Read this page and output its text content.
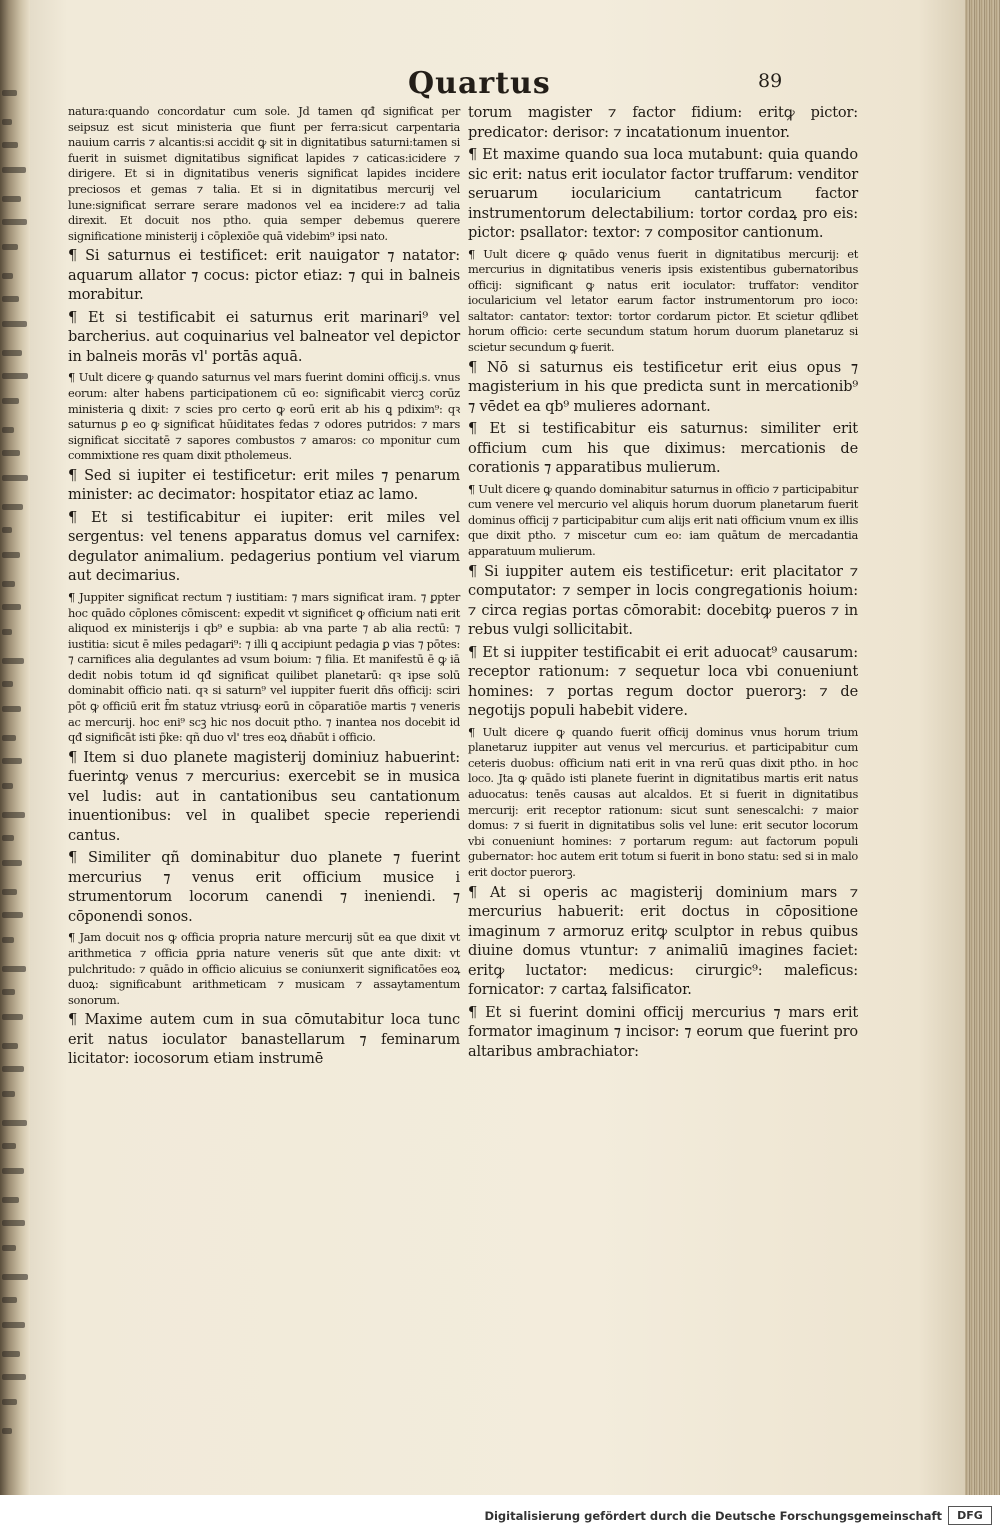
Quartus	89

natura:quando concordatur cum sole. Jd tamen qđ significat per seipsuz est sicut ministeria que fiunt per ferra:sicut carpentaria nauium carris ⁊ alcantis:si accidit ꝙ sit in dignitatibus saturni:tamen si fuerit in suismet dignitatibus significat lapides ⁊ caticas:icidere ⁊ dirigere. Et si in dignitatibus veneris significat lapides incidere preciosos et gemas ⁊ talia. Et si in dignitatibus mercurij vel lune:significat serrare serare madonos vel ea incidere:⁊ ad talia direxit. Et docuit nos ptho. quia semper debemus querere significatione ministerij i cōplexiōe quā videbim⁹ ipsi nato.

¶ Si saturnus ei testificet: erit nauigator ⁊ natator: aquarum allator ⁊ cocus: pictor etiaz: ⁊ qui in balneis morabitur.

¶ Et si testificabit ei saturnus erit marinari⁹ vel barcherius. aut coquinarius vel balneator vel depictor in balneis morās vl' portās aquā.

¶ Uult dicere ꝙ quando saturnus vel mars fuerint domini officij.s. vnus eorum: alter habens participationem cū eo: significabit viercꝫ corūz ministeria ꝗ dixit: ⁊ scies pro certo ꝙ eorū erit ab his ꝗ pdixim⁹: qꝛ saturnus ꝑ eo ꝙ significat hūiditates fedas ⁊ odores putridos: ⁊ mars significat siccitatē ⁊ sapores combustos ⁊ amaros: co mponitur cum commixtione res quam dixit ptholemeus.

¶ Sed si iupiter ei testificetur: erit miles ⁊ penarum minister: ac decimator: hospitator etiaz ac lamo.

¶ Et si testificabitur ei iupiter: erit miles vel sergentus: vel tenens apparatus domus vel carnifex: degulator animalium. pedagerius pontium vel viarum aut decimarius.

¶ Juppiter significat rectum ⁊ iustitiam: ⁊ mars significat iram. ⁊ ꝑpter hoc quādo cōplones cōmiscent: expedit vt significet ꝙ officium nati erit aliquod ex ministerijs i qb⁹ e supbia: ab vna parte ⁊ ab alia rectū: ⁊ iustitia: sicut ē miles pedagari⁹: ⁊ illi ꝗ accipiunt pedagia ꝑ vias ⁊ pōtes: ⁊ carnifices alia degulantes ad vsum boium: ⁊ filia. Et manifestū ē ꝙ iā dedit nobis totum id qđ significat quilibet planetarū: qꝛ ipse solū dominabit officio nati. qꝛ si saturn⁹ vel iuppiter fuerit dn̄s officij: sciri pōt ꝙ officiū erit f̄m statuz vtriusꝙ eorū in cōparatiōe martis ⁊ veneris ac mercurij. hoc eni⁹ scꝫ hic nos docuit ptho. ⁊ inantea nos docebit id qđ significāt isti p̄ke: qñ duo vl' tres eoꝝ dn̄abūt i officio.

¶ Item si duo planete magisterij dominiuz habuerint: fuerintꝙ venus ⁊ mercurius: exercebit se in musica vel ludis: aut in cantationibus seu cantationum inuentionibus: vel in qualibet specie reperiendi cantus.

¶ Similiter qñ dominabitur duo planete ⁊ fuerint mercurius ⁊ venus erit officium musice i strumentorum locorum canendi ⁊ ineniendi. ⁊ cōponendi sonos.

¶ Jam docuit nos ꝙ officia propria nature mercurij sūt ea que dixit vt arithmetica ⁊ officia ꝑpria nature veneris sūt que ante dixit: vt pulchritudo: ⁊ quādo in officio alicuius se coniunxerit significatōes eoꝝ duoꝝ: significabunt arithmeticam ⁊ musicam ⁊ assaytamentum sonorum.

¶ Maxime autem cum in sua cōmutabitur loca tunc erit natus ioculator banastellarum ⁊ feminarum licitator: iocosorum etiam instrumē

torum magister ⁊ factor fidium: eritꝙ pictor: predicator: derisor: ⁊ incatationum inuentor.

¶ Et maxime quando sua loca mutabunt: quia quando sic erit: natus erit ioculator factor truffarum: venditor seruarum iocularicium cantatricum factor instrumentorum delectabilium: tortor cordaꝝ pro eis: pictor: psallator: textor: ⁊ compositor cantionum.

¶ Uult dicere ꝙ quādo venus fuerit in dignitatibus mercurij: et mercurius in dignitatibus veneris ipsis existentibus gubernatoribus officij: significant ꝙ natus erit ioculator: truffator: venditor iocularicium vel letator earum factor instrumentorum pro ioco: saltator: cantator: textor: tortor cordarum pictor. Et scietur qđlibet horum officio: certe secundum statum horum duorum planetaruz si scietur secundum ꝙ fuerit.

¶ Nō si saturnus eis testificetur erit eius opus ⁊ magisterium in his que predicta sunt in mercationib⁹ ⁊ vēdet ea qb⁹ mulieres adornant.

¶ Et si testificabitur eis saturnus: similiter erit officium cum his que diximus: mercationis de corationis ⁊ apparatibus mulierum.

¶ Uult dicere ꝙ quando dominabitur saturnus in officio ⁊ participabitur cum venere vel mercurio vel aliquis horum duorum planetarum fuerit dominus officij ⁊ participabitur cum alijs erit nati officium vnum ex illis que dixit ptho. ⁊ miscetur cum eo: iam quātum de mercadantia apparatuum mulierum.

¶ Si iuppiter autem eis testificetur: erit placitator ⁊ computator: ⁊ semper in locis congregationis hoium: ⁊ circa regias portas cōmorabit: docebitꝙ pueros ⁊ in rebus vulgi sollicitabit.

¶ Et si iuppiter testificabit ei erit aduocat⁹ causarum: receptor rationum: ⁊ sequetur loca vbi conueniunt homines: ⁊ portas regum doctor puerorꝫ: ⁊ de negotijs populi habebit videre.

¶ Uult dicere ꝙ quando fuerit officij dominus vnus horum trium planetaruz iuppiter aut venus vel mercurius. et participabitur cum ceteris duobus: officium nati erit in vna rerū quas dixit ptho. in hoc loco. Jta ꝙ quādo isti planete fuerint in dignitatibus martis erit natus aduocatus: tenēs causas aut alcaldos. Et si fuerit in dignitatibus mercurij: erit receptor rationum: sicut sunt senescalchi: ⁊ maior domus: ⁊ si fuerit in dignitatibus solis vel lune: erit secutor locorum vbi conueniunt homines: ⁊ portarum regum: aut factorum populi gubernator: hoc autem erit totum si fuerit in bono statu: sed si in malo erit doctor puerorꝫ.

¶ At si operis ac magisterij dominium mars ⁊ mercurius habuerit: erit doctus in cōpositione imaginum ⁊ armoruz eritꝙ sculptor in rebus quibus diuine domus vtuntur: ⁊ animaliū imagines faciet: eritꝙ luctator: medicus: cirurgic⁹: maleficus: fornicator: ⁊ cartaꝝ falsificator.

¶ Et si fuerint domini officij mercurius ⁊ mars erit formator imaginum ⁊ incisor: ⁊ eorum que fuerint pro altaribus ambrachiator:

Digitalisierung gefördert durch die Deutsche Forschungsgemeinschaft	DFG
